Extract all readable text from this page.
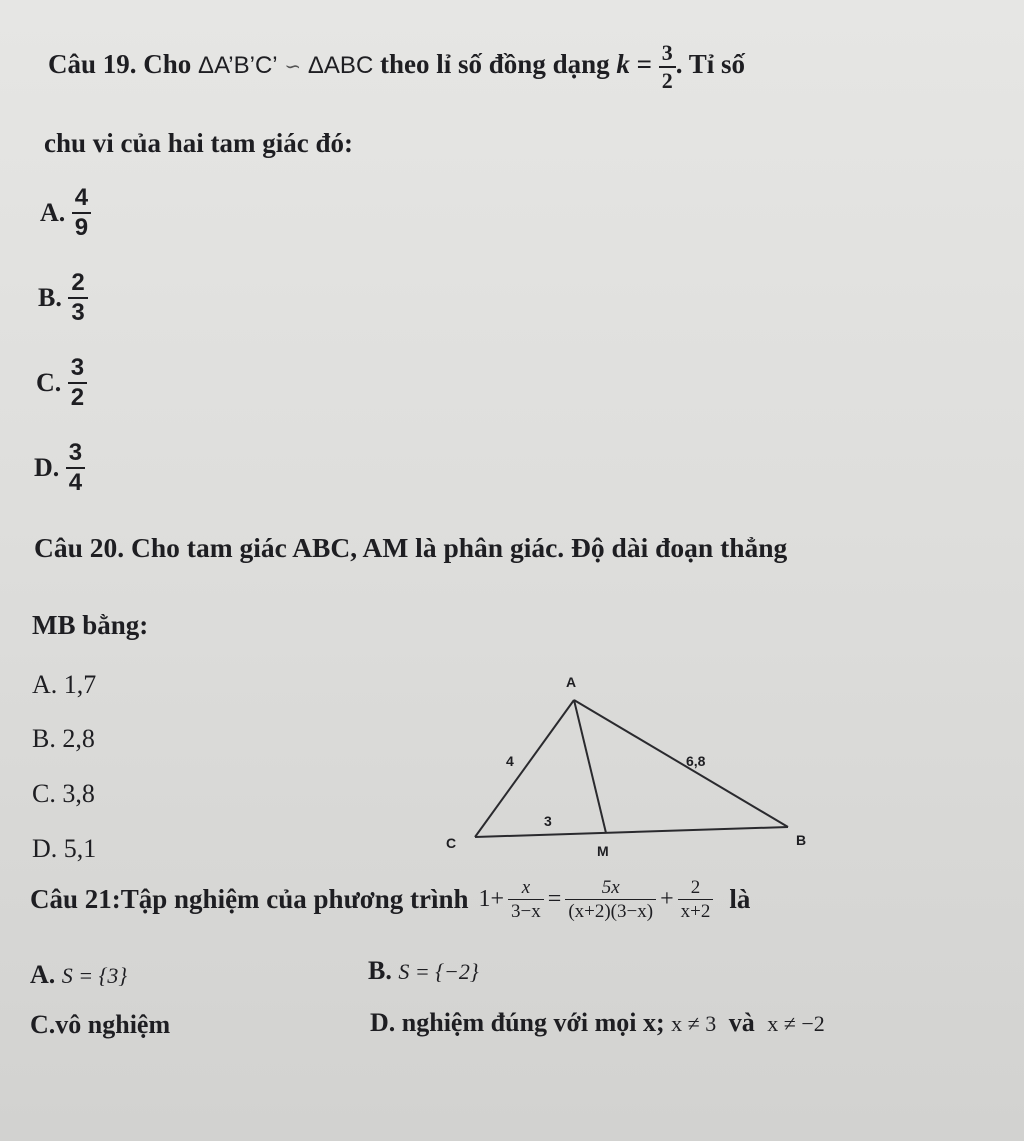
Câu 19. Cho ΔA’B’C’ ∽ ΔABC theo lỉ số đồng dạng $k = \frac{3}{2}$ . Tỉ số
chu vi của hai tam giác đó:
A. $\frac{4}{9}$
B. $\frac{2}{3}$
C. $\frac{3}{2}$
D. $\frac{3}{4}$
Câu 20. Cho tam giác ABC, AM là phân giác. Độ dài đoạn thẳng
MB bằng:
A. 1,7
B. 2,8
C. 3,8
D. 5,1
A
C	M
B
4	6,8
3
Câu 21:Tập nghiệm của phương trình $1+ \frac{x}{3-x} = \frac{5x}{(x+2)(3-x)} + \frac{2}{x+2}$ là
A. S = {3}	B. S = {−2}
C.vô nghiệm	D. nghiệm đúng với mọi x; x ≠ 3 và x ≠ −2
